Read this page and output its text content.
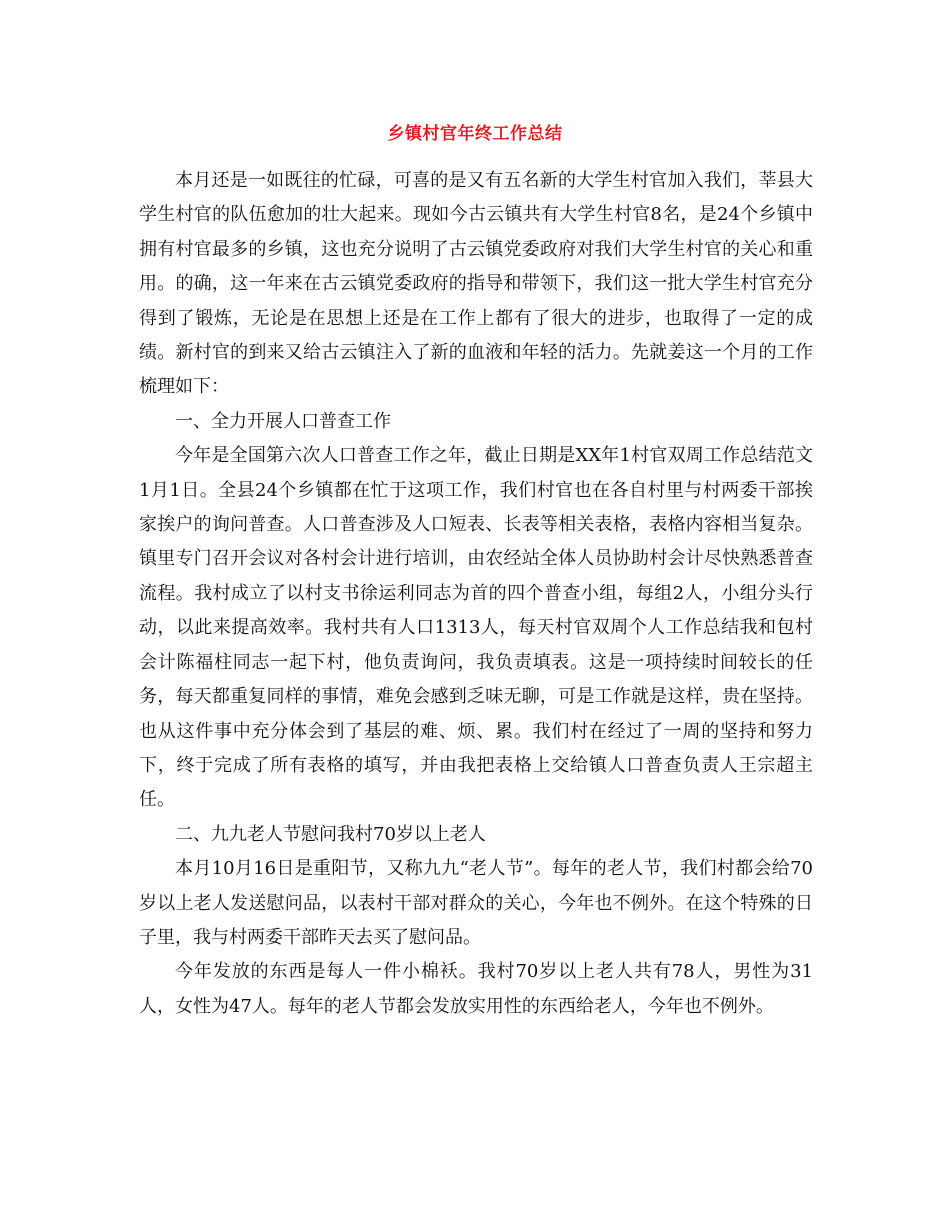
乡镇村官年终工作总结

本月还是一如既往的忙碌，可喜的是又有五名新的大学生村官加入我们，莘县大学生村官的队伍愈加的壮大起来。现如今古云镇共有大学生村官8名，是24个乡镇中拥有村官最多的乡镇，这也充分说明了古云镇党委政府对我们大学生村官的关心和重用。的确，这一年来在古云镇党委政府的指导和带领下，我们这一批大学生村官充分得到了锻炼，无论是在思想上还是在工作上都有了很大的进步，也取得了一定的成绩。新村官的到来又给古云镇注入了新的血液和年轻的活力。先就姜这一个月的工作梳理如下：

一、全力开展人口普查工作

今年是全国第六次人口普查工作之年，截止日期是XX年1村官双周工作总结范文1月1日。全县24个乡镇都在忙于这项工作，我们村官也在各自村里与村两委干部挨家挨户的询问普查。人口普查涉及人口短表、长表等相关表格，表格内容相当复杂。镇里专门召开会议对各村会计进行培训，由农经站全体人员协助村会计尽快熟悉普查流程。我村成立了以村支书徐运利同志为首的四个普查小组，每组2人，小组分头行动，以此来提高效率。我村共有人口1313人，每天村官双周个人工作总结我和包村会计陈福柱同志一起下村，他负责询问，我负责填表。这是一项持续时间较长的任务，每天都重复同样的事情，难免会感到乏味无聊，可是工作就是这样，贵在坚持。也从这件事中充分体会到了基层的难、烦、累。我们村在经过了一周的坚持和努力下，终于完成了所有表格的填写，并由我把表格上交给镇人口普查负责人王宗超主任。

二、九九老人节慰问我村70岁以上老人

本月10月16日是重阳节，又称九九“老人节”。每年的老人节，我们村都会给70岁以上老人发送慰问品，以表村干部对群众的关心，今年也不例外。在这个特殊的日子里，我与村两委干部昨天去买了慰问品。

今年发放的东西是每人一件小棉袄。我村70岁以上老人共有78人，男性为31人，女性为47人。每年的老人节都会发放实用性的东西给老人，今年也不例外。
